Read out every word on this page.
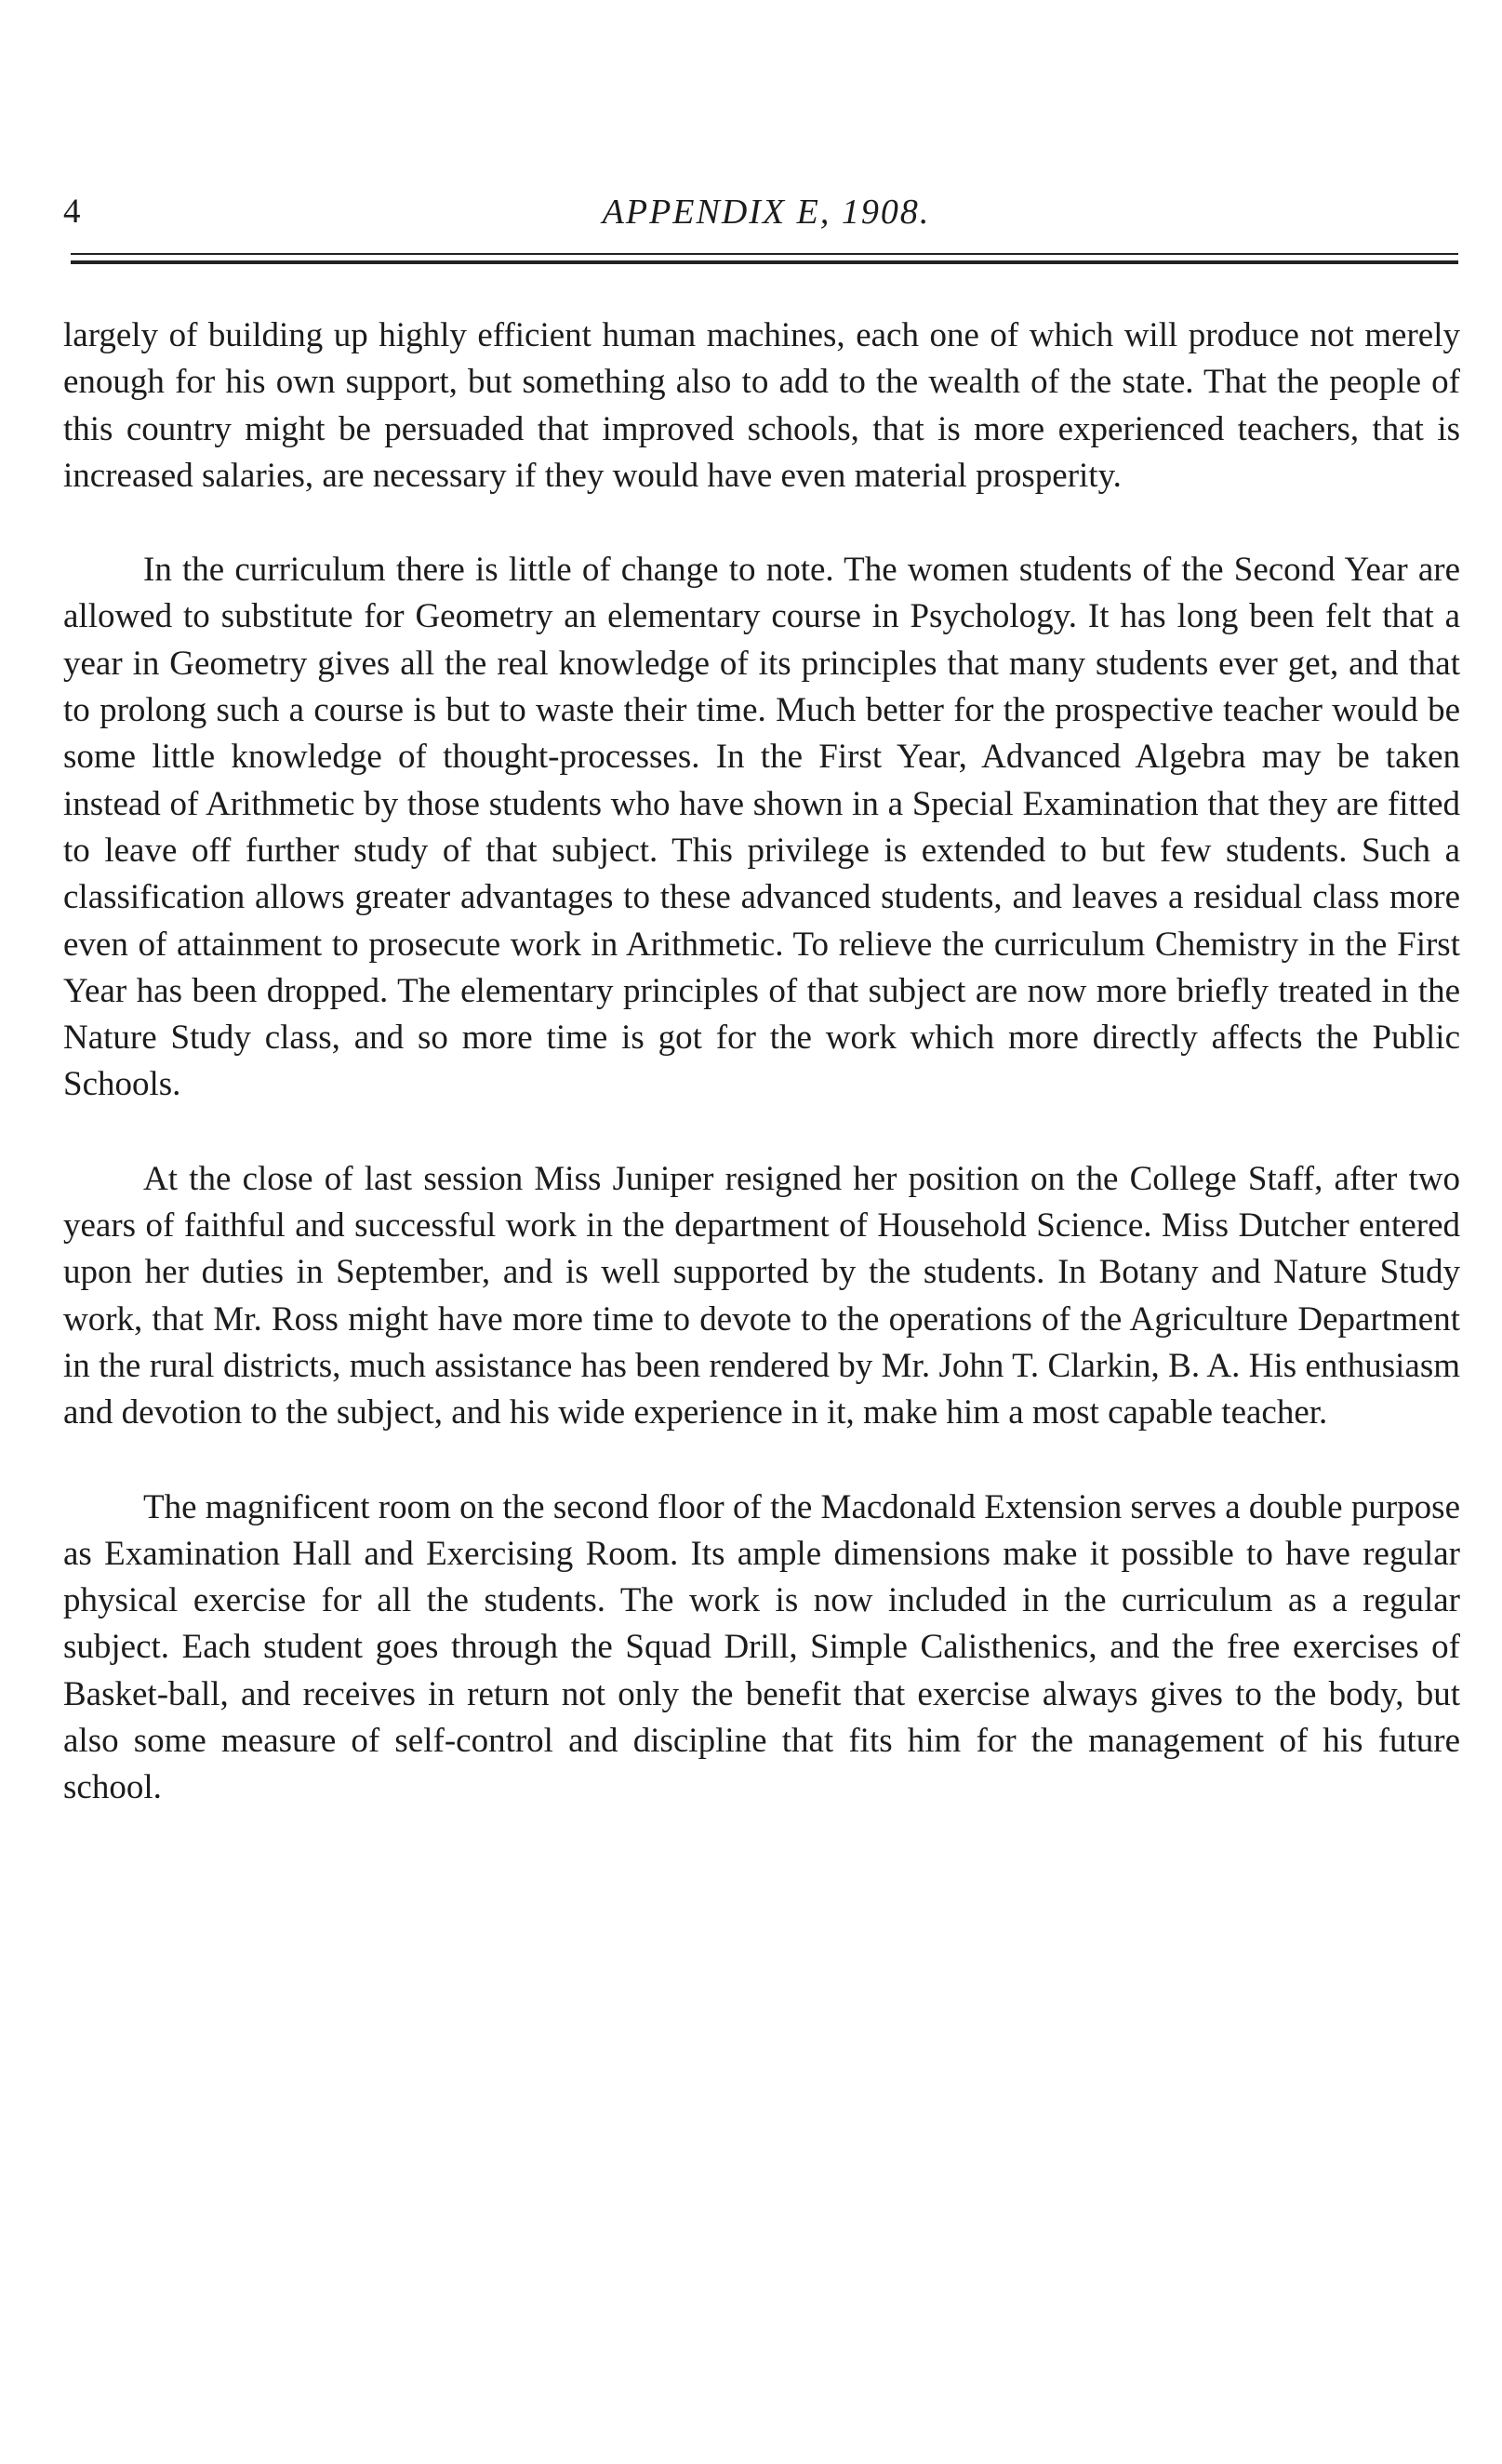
4	APPENDIX E, 1908.

largely of building up highly efficient human machines, each one of which will produce not merely enough for his own support, but something also to add to the wealth of the state. That the people of this country might be persuaded that improved schools, that is more experienced teachers, that is increased salaries, are necessary if they would have even material prosperity.

In the curriculum there is little of change to note. The women students of the Second Year are allowed to substitute for Geometry an elementary course in Psychology. It has long been felt that a year in Geometry gives all the real knowledge of its principles that many students ever get, and that to prolong such a course is but to waste their time. Much better for the prospective teacher would be some little knowledge of thought-processes. In the First Year, Advanced Algebra may be taken instead of Arithmetic by those students who have shown in a Special Examination that they are fitted to leave off further study of that subject. This privilege is extended to but few students. Such a classification allows greater advantages to these advanced students, and leaves a residual class more even of attainment to prosecute work in Arithmetic. To relieve the curriculum Chemistry in the First Year has been dropped. The elementary principles of that subject are now more briefly treated in the Nature Study class, and so more time is got for the work which more directly affects the Public Schools.

At the close of last session Miss Juniper resigned her position on the College Staff, after two years of faithful and successful work in the department of Household Science. Miss Dutcher entered upon her duties in September, and is well supported by the students. In Botany and Nature Study work, that Mr. Ross might have more time to devote to the operations of the Agriculture Department in the rural districts, much assistance has been rendered by Mr. John T. Clarkin, B. A. His enthusiasm and devotion to the subject, and his wide experience in it, make him a most capable teacher.

The magnificent room on the second floor of the Macdonald Extension serves a double purpose as Examination Hall and Exercising Room. Its ample dimensions make it possible to have regular physical exercise for all the students. The work is now included in the curriculum as a regular subject. Each student goes through the Squad Drill, Simple Calisthenics, and the free exercises of Basket-ball, and receives in return not only the benefit that exercise always gives to the body, but also some measure of self-control and discipline that fits him for the management of his future school.
